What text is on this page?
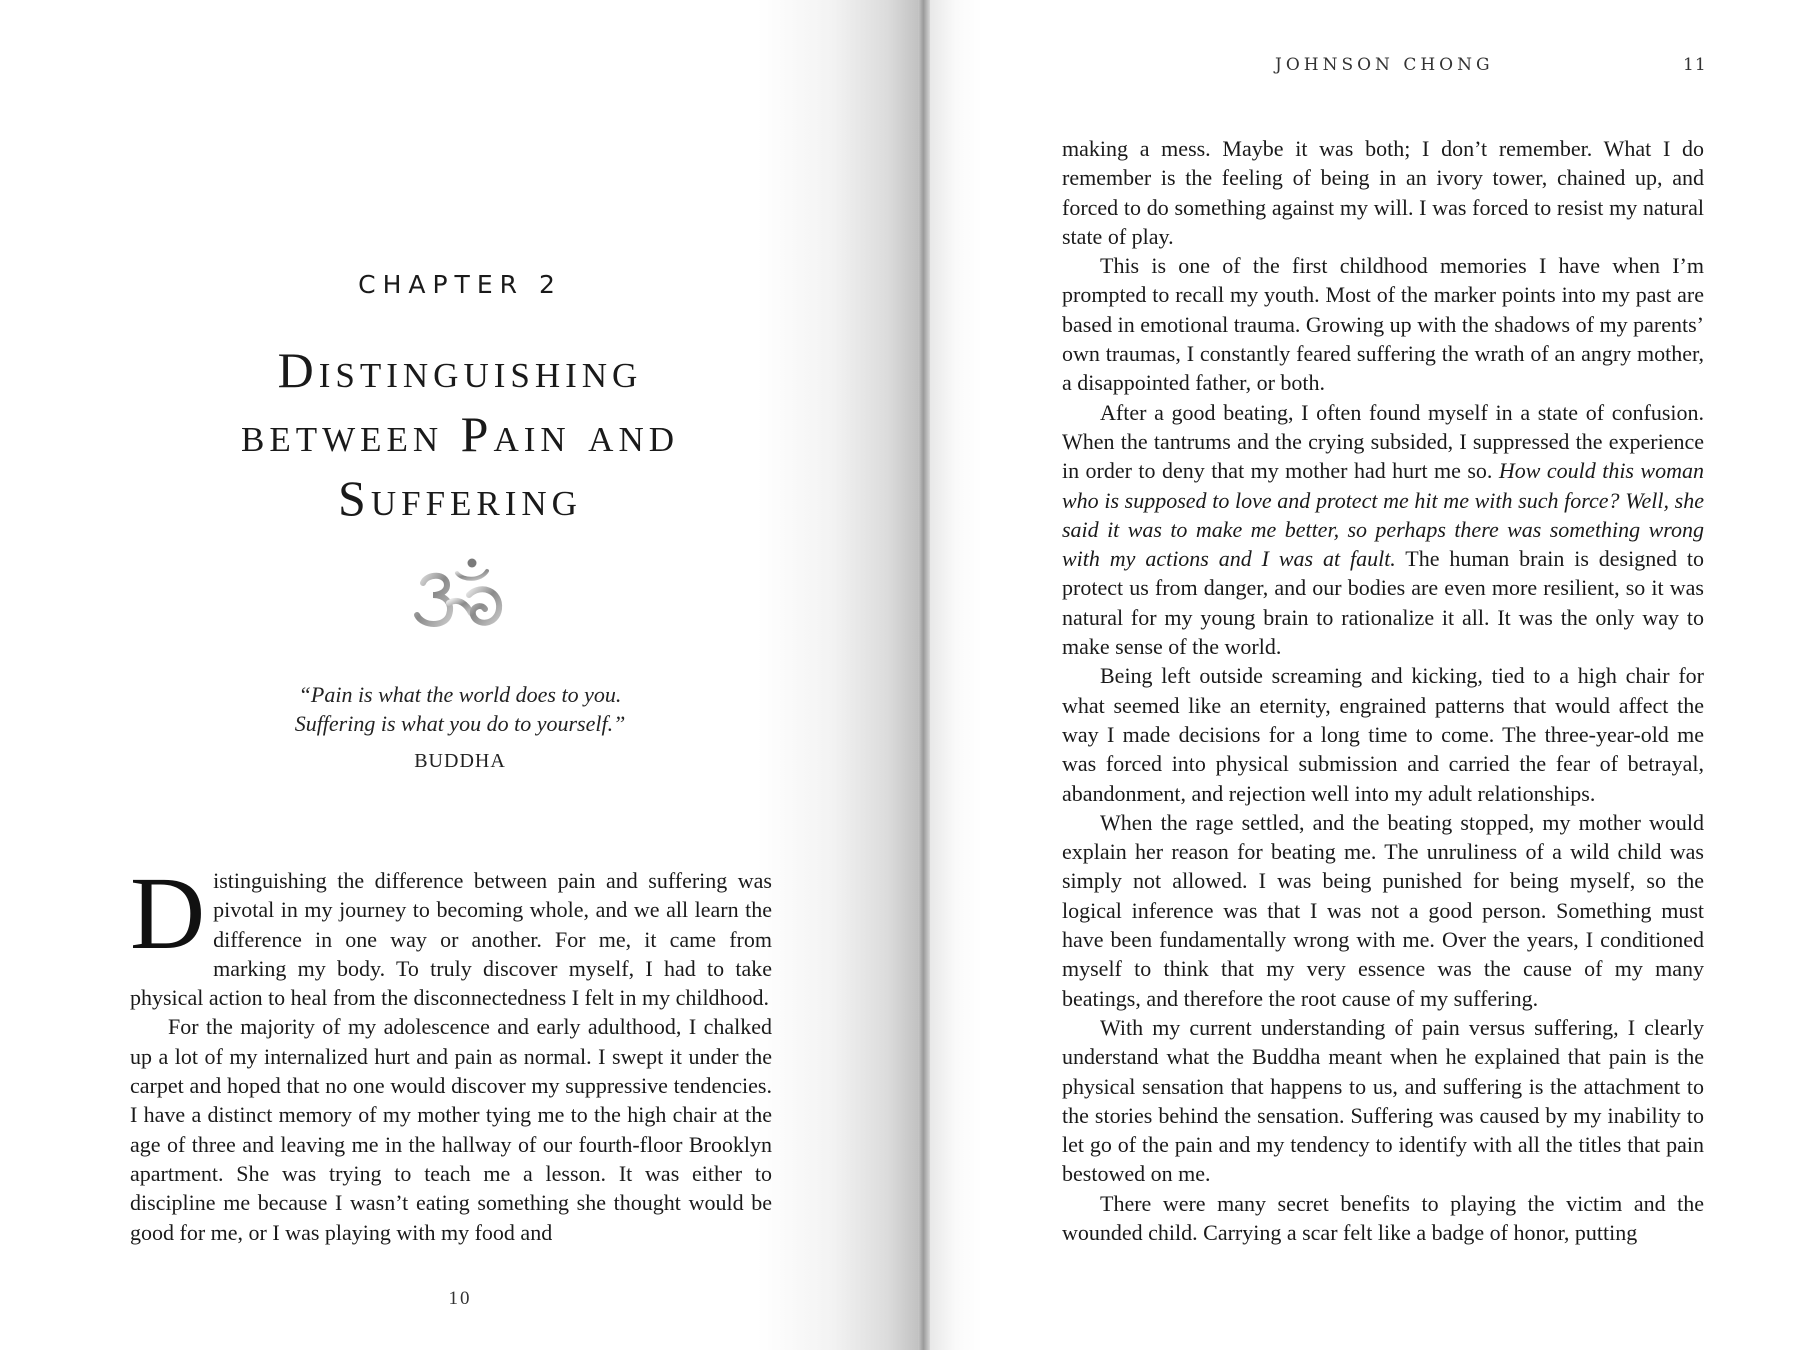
JOHNSON CHONG	11
CHAPTER 2
Distinguishing
between Pain and
Suffering
“Pain is what the world does to you.
Suffering is what you do to yourself.”
BUDDHA

Distinguishing the difference between pain and suffering was pivotal in my journey to becoming whole, and we all learn the difference in one way or another. For me, it came from marking my body. To truly discover myself, I had to take physical action to heal from the disconnectedness I felt in my childhood.

For the majority of my adolescence and early adulthood, I chalked up a lot of my internalized hurt and pain as normal. I swept it under the carpet and hoped that no one would discover my suppressive tendencies. I have a distinct memory of my mother tying me to the high chair at the age of three and leaving me in the hallway of our fourth-floor Brooklyn apartment. She was trying to teach me a lesson. It was either to discipline me because I wasn’t eating something she thought would be good for me, or I was playing with my food and

10

making a mess. Maybe it was both; I don’t remember. What I do remember is the feeling of being in an ivory tower, chained up, and forced to do something against my will. I was forced to resist my natural state of play.

This is one of the first childhood memories I have when I’m prompted to recall my youth. Most of the marker points into my past are based in emotional trauma. Growing up with the shadows of my parents’ own traumas, I constantly feared suffering the wrath of an angry mother, a disappointed father, or both.

After a good beating, I often found myself in a state of confusion. When the tantrums and the crying subsided, I suppressed the experience in order to deny that my mother had hurt me so. How could this woman who is supposed to love and protect me hit me with such force? Well, she said it was to make me better, so perhaps there was something wrong with my actions and I was at fault. The human brain is designed to protect us from danger, and our bodies are even more resilient, so it was natural for my young brain to rationalize it all. It was the only way to make sense of the world.

Being left outside screaming and kicking, tied to a high chair for what seemed like an eternity, engrained patterns that would affect the way I made decisions for a long time to come. The three-year-old me was forced into physical submission and carried the fear of betrayal, abandonment, and rejection well into my adult relationships.

When the rage settled, and the beating stopped, my mother would explain her reason for beating me. The unruliness of a wild child was simply not allowed. I was being punished for being myself, so the logical inference was that I was not a good person. Something must have been fundamentally wrong with me. Over the years, I conditioned myself to think that my very essence was the cause of my many beatings, and therefore the root cause of my suffering.

With my current understanding of pain versus suffering, I clearly understand what the Buddha meant when he explained that pain is the physical sensation that happens to us, and suffering is the attachment to the stories behind the sensation. Suffering was caused by my inability to let go of the pain and my tendency to identify with all the titles that pain bestowed on me.

There were many secret benefits to playing the victim and the wounded child. Carrying a scar felt like a badge of honor, putting
